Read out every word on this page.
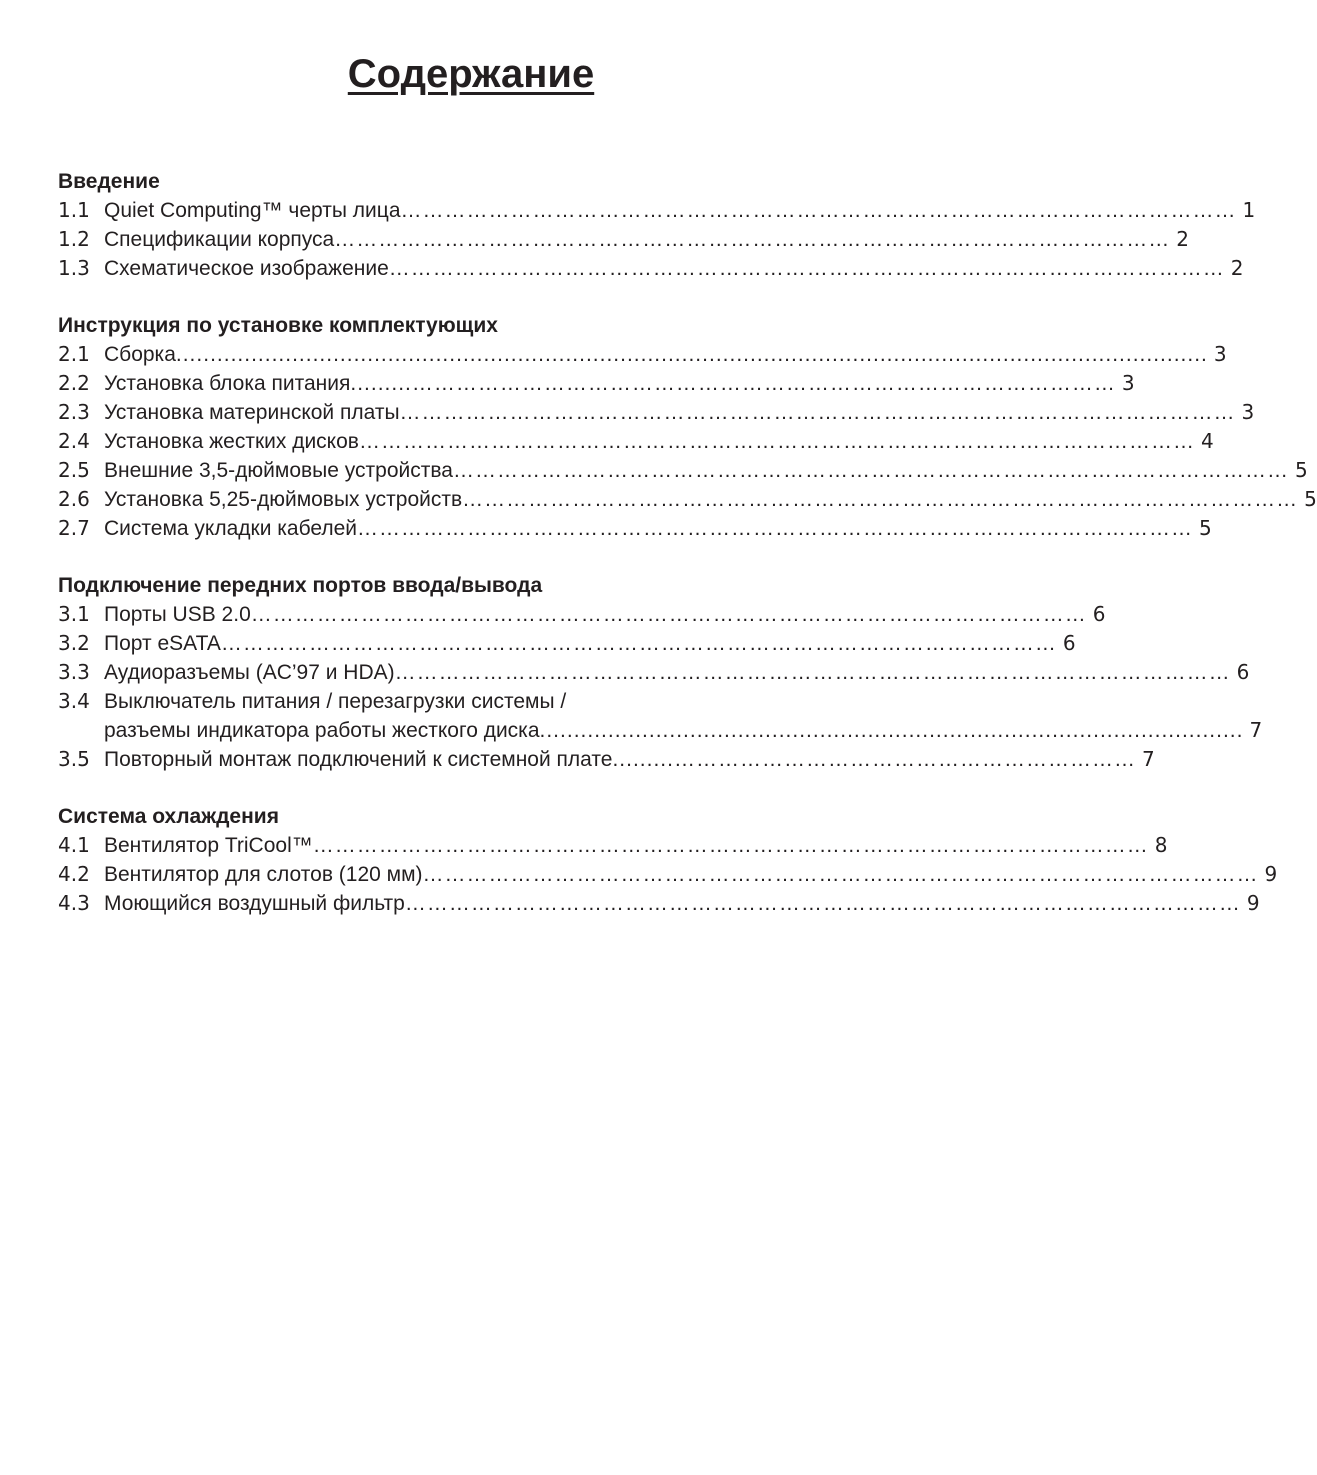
Содержание
Введение
1.1 Quiet Computing™ черты лица …………………………………………………………………………………………………… 1
1.2 Спецификации корпуса …………………………………………………………………………………………………… 2
1.3 Схематическое изображение …………………………………………………………………………………………………… 2
Инструкция по установке комплектующих
2.1 Сборка ....................................................................................................................................................... 3
2.2 Установка блока питания .........…………………………………………………………………………………… 3
2.3 Установка материнской платы …………………………………………………………………………………………………… 3
2.4 Установка жестких дисков …………………………………………………………………………………………………… 4
2.5 Внешние 3,5-дюймовые устройства …………………………………………………………………………………………………… 5
2.6 Установка 5,25-дюймовых устройств …………………………………………………………………………………………………… 5
2.7 Система укладки кабелей …………………………………………………………………………………………………… 5
Подключение передних портов ввода/вывода
3.1 Порты USB 2.0 …………………………………………………………………………………………………… 6
3.2 Порт eSATA …………………………………………………………………………………………………… 6
3.3 Аудиоразъемы (AC’97 и HDA) …………………………………………………………………………………………………… 6
3.4 Выключатель питания / перезагрузки системы /
разъемы индикатора работы жесткого диска ....................................................................................................... 7
3.5 Повторный монтаж подключений к системной плате .........……………………………………………………… 7
Система охлаждения
4.1 Вентилятор TriCool™ …………………………………………………………………………………………………… 8
4.2 Вентилятор для слотов (120 мм) …………………………………………………………………………………………………… 9
4.3 Моющийся воздушный фильтр …………………………………………………………………………………………………… 9
